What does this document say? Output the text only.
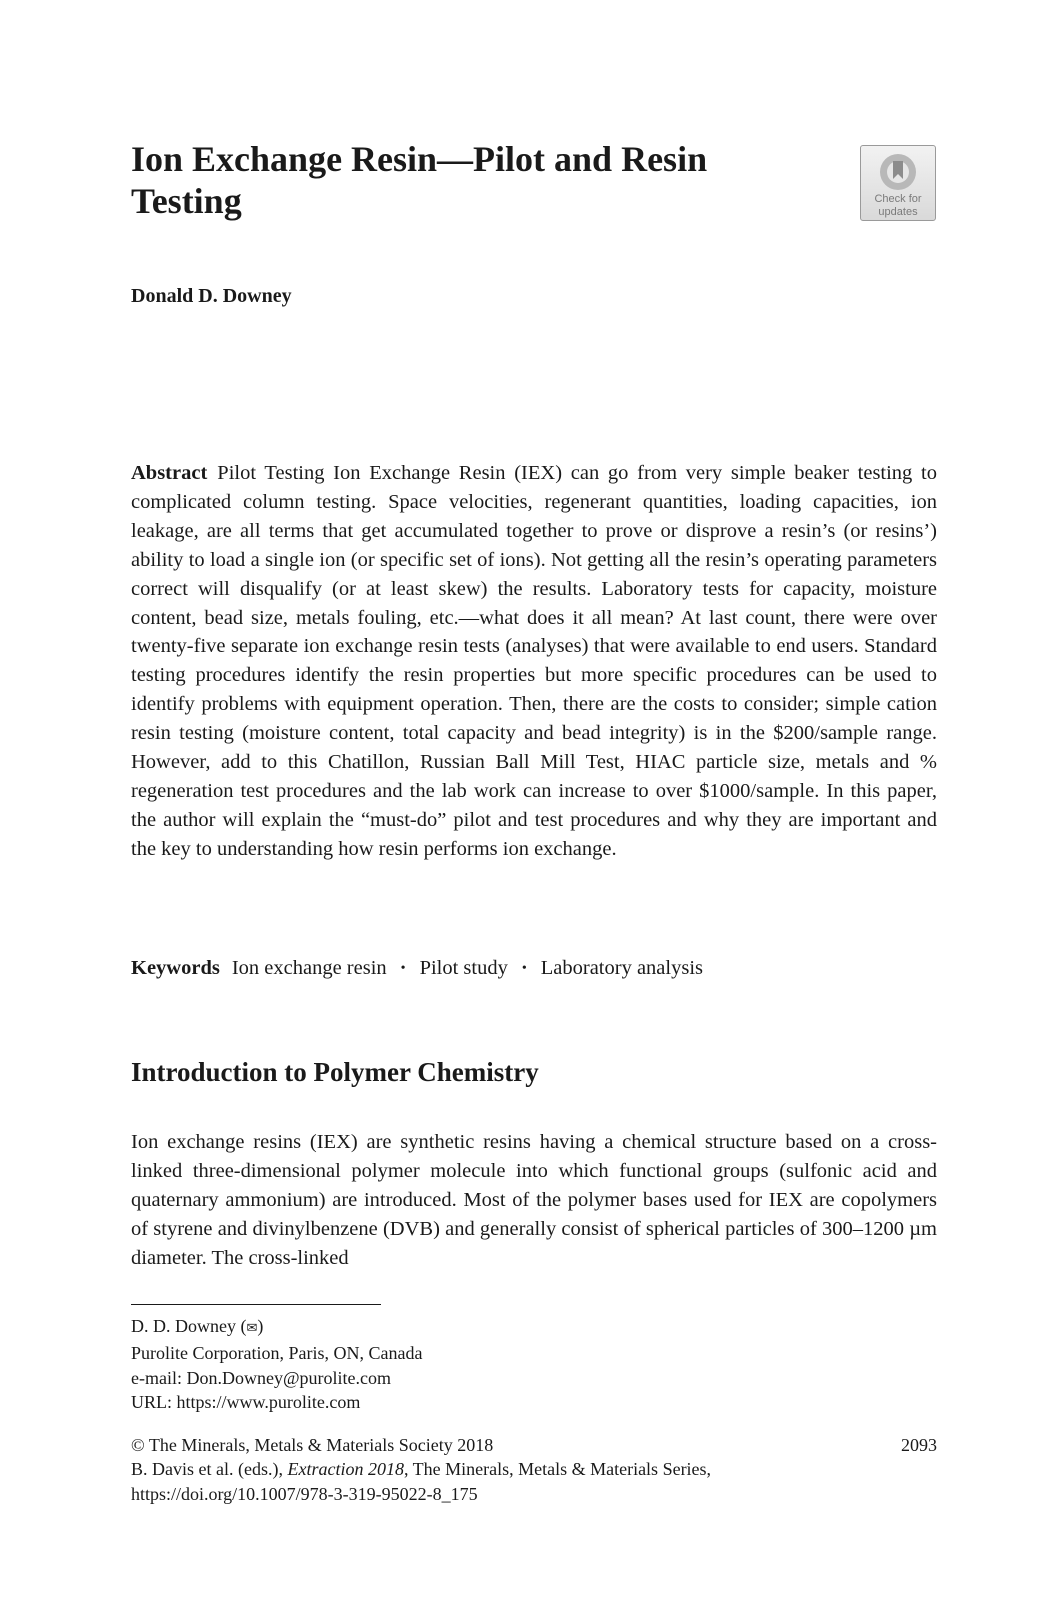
Ion Exchange Resin—Pilot and Resin Testing	Check for
updates
Donald D. Downey

Abstract Pilot Testing Ion Exchange Resin (IEX) can go from very simple beaker testing to complicated column testing. Space velocities, regenerant quantities, loading capacities, ion leakage, are all terms that get accumulated together to prove or disprove a resin’s (or resins’) ability to load a single ion (or specific set of ions). Not getting all the resin’s operating parameters correct will disqualify (or at least skew) the results. Laboratory tests for capacity, moisture content, bead size, metals fouling, etc.—what does it all mean? At last count, there were over twenty-five separate ion exchange resin tests (analyses) that were available to end users. Standard testing procedures identify the resin properties but more specific procedures can be used to identify problems with equipment operation. Then, there are the costs to consider; simple cation resin testing (moisture content, total capacity and bead integrity) is in the $200/sample range. However, add to this Chatillon, Russian Ball Mill Test, HIAC particle size, metals and % regeneration test procedures and the lab work can increase to over $1000/sample. In this paper, the author will explain the “must-do” pilot and test procedures and why they are important and the key to understanding how resin performs ion exchange.

Keywords Ion exchange resin • Pilot study • Laboratory analysis
Introduction to Polymer Chemistry

Ion exchange resins (IEX) are synthetic resins having a chemical structure based on a cross-linked three-dimensional polymer molecule into which functional groups (sulfonic acid and quaternary ammonium) are introduced. Most of the polymer bases used for IEX are copolymers of styrene and divinylbenzene (DVB) and generally consist of spherical particles of 300–1200 µm diameter. The cross-linked

D. D. Downey (✉)
Purolite Corporation, Paris, ON, Canada
e-mail: Don.Downey@purolite.com
URL: https://www.purolite.com
© The Minerals, Metals & Materials Society 2018
B. Davis et al. (eds.), Extraction 2018, The Minerals, Metals & Materials Series,
https://doi.org/10.1007/978-3-319-95022-8_175
2093
